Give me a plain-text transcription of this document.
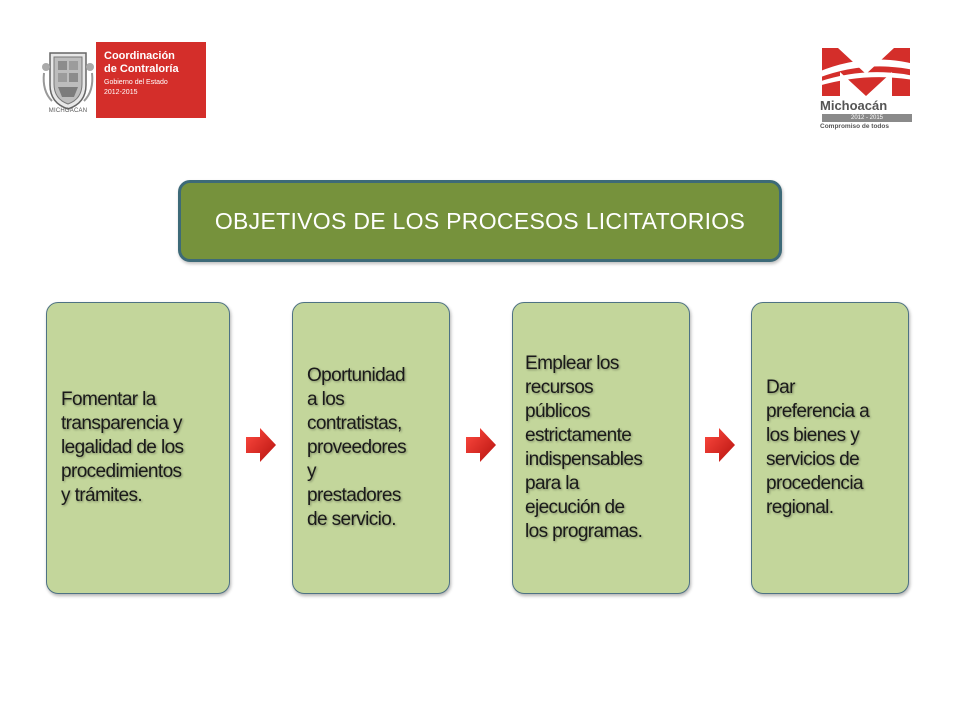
MICHOACAN
Coordinación
de Contraloría
Gobierno del Estado
2012-2015
Michoacán
2012 - 2015
Compromiso de todos
OBJETIVOS DE LOS PROCESOS LICITATORIOS
Fomentar la
transparencia y
legalidad de los
procedimientos
y trámites.
Oportunidad
a los
contratistas,
proveedores
y
prestadores
de servicio.
Emplear los
recursos
públicos
estrictamente
indispensables
para la
ejecución de
los programas.
Dar
preferencia a
los bienes y
servicios de
procedencia
regional.
